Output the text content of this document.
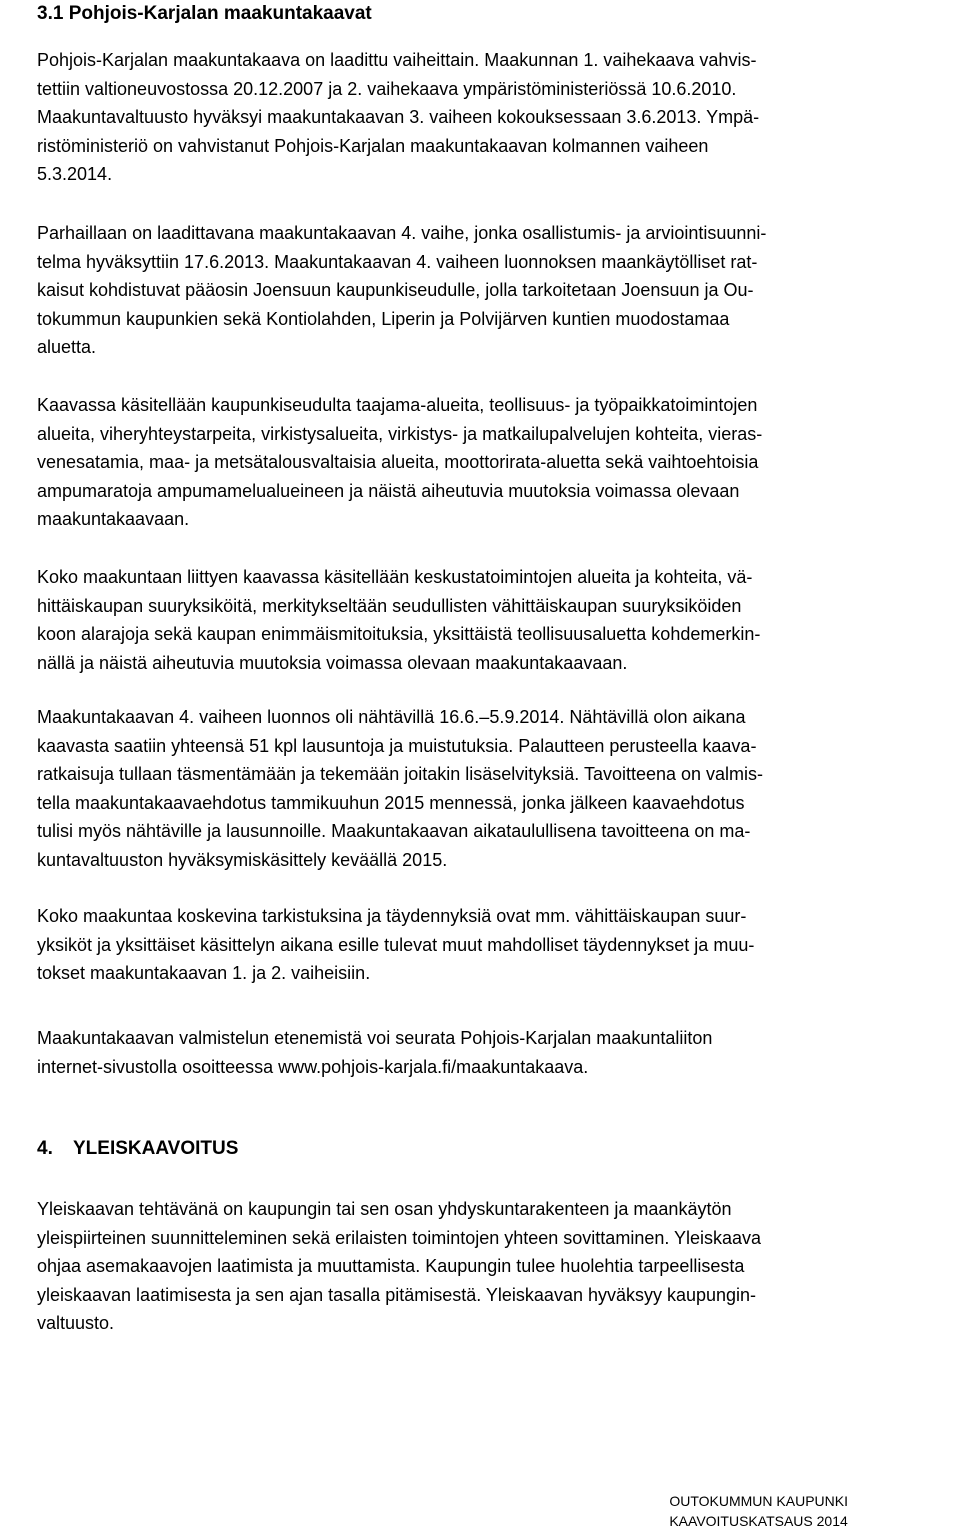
3.1 Pohjois-Karjalan maakuntakaavat

Pohjois-Karjalan maakuntakaava on laadittu vaiheittain. Maakunnan 1. vaihekaava vahvis-
tettiin valtioneuvostossa 20.12.2007 ja 2. vaihekaava ympäristöministeriössä 10.6.2010.
Maakuntavaltuusto hyväksyi maakuntakaavan 3. vaiheen kokouksessaan 3.6.2013. Ympä-
ristöministeriö on vahvistanut Pohjois-Karjalan maakuntakaavan kolmannen vaiheen
5.3.2014.

Parhaillaan on laadittavana maakuntakaavan 4. vaihe, jonka osallistumis- ja arviointisuunni-
telma hyväksyttiin 17.6.2013. Maakuntakaavan 4. vaiheen luonnoksen maankäytölliset rat-
kaisut kohdistuvat pääosin Joensuun kaupunkiseudulle, jolla tarkoitetaan Joensuun ja Ou-
tokummun kaupunkien sekä Kontiolahden, Liperin ja Polvijärven kuntien muodostamaa
aluetta.

Kaavassa käsitellään kaupunkiseudulta taajama-alueita, teollisuus- ja työpaikkatoimintojen
alueita, viheryhteystarpeita, virkistysalueita, virkistys- ja matkailupalvelujen kohteita, vieras-
venesatamia, maa- ja metsätalousvaltaisia alueita, moottorirata-aluetta sekä vaihtoehtoisia
ampumaratoja ampumamelualueineen ja näistä aiheutuvia muutoksia voimassa olevaan
maakuntakaavaan.

Koko maakuntaan liittyen kaavassa käsitellään keskustatoimintojen alueita ja kohteita, vä-
hittäiskaupan suuryksiköitä, merkitykseltään seudullisten vähittäiskaupan suuryksiköiden
koon alarajoja sekä kaupan enimmäismitoituksia, yksittäistä teollisuusaluetta kohdemerkin-
nällä ja näistä aiheutuvia muutoksia voimassa olevaan maakuntakaavaan.

Maakuntakaavan 4. vaiheen luonnos oli nähtävillä 16.6.–5.9.2014. Nähtävillä olon aikana
kaavasta saatiin yhteensä 51 kpl lausuntoja ja muistutuksia. Palautteen perusteella kaava-
ratkaisuja tullaan täsmentämään ja tekemään joitakin lisäselvityksiä. Tavoitteena on valmis-
tella maakuntakaavaehdotus tammikuuhun 2015 mennessä, jonka jälkeen kaavaehdotus
tulisi myös nähtäville ja lausunnoille. Maakuntakaavan aikataulullisena tavoitteena on ma-
kuntavaltuuston hyväksymiskäsittely keväällä 2015.

Koko maakuntaa koskevina tarkistuksina ja täydennyksiä ovat mm. vähittäiskaupan suur-
yksiköt ja yksittäiset käsittelyn aikana esille tulevat muut mahdolliset täydennykset ja muu-
tokset maakuntakaavan 1. ja 2. vaiheisiin.

Maakuntakaavan valmistelun etenemistä voi seurata Pohjois-Karjalan maakuntaliiton
internet-sivustolla osoitteessa www.pohjois-karjala.fi/maakuntakaava.

4. YLEISKAAVOITUS

Yleiskaavan tehtävänä on kaupungin tai sen osan yhdyskuntarakenteen ja maankäytön
yleispiirteinen suunnitteleminen sekä erilaisten toimintojen yhteen sovittaminen. Yleiskaava
ohjaa asemakaavojen laatimista ja muuttamista. Kaupungin tulee huolehtia tarpeellisesta
yleiskaavan laatimisesta ja sen ajan tasalla pitämisestä. Yleiskaavan hyväksyy kaupungin-
valtuusto.

OUTOKUMMUN KAUPUNKI
KAAVOITUSKATSAUS 2014
